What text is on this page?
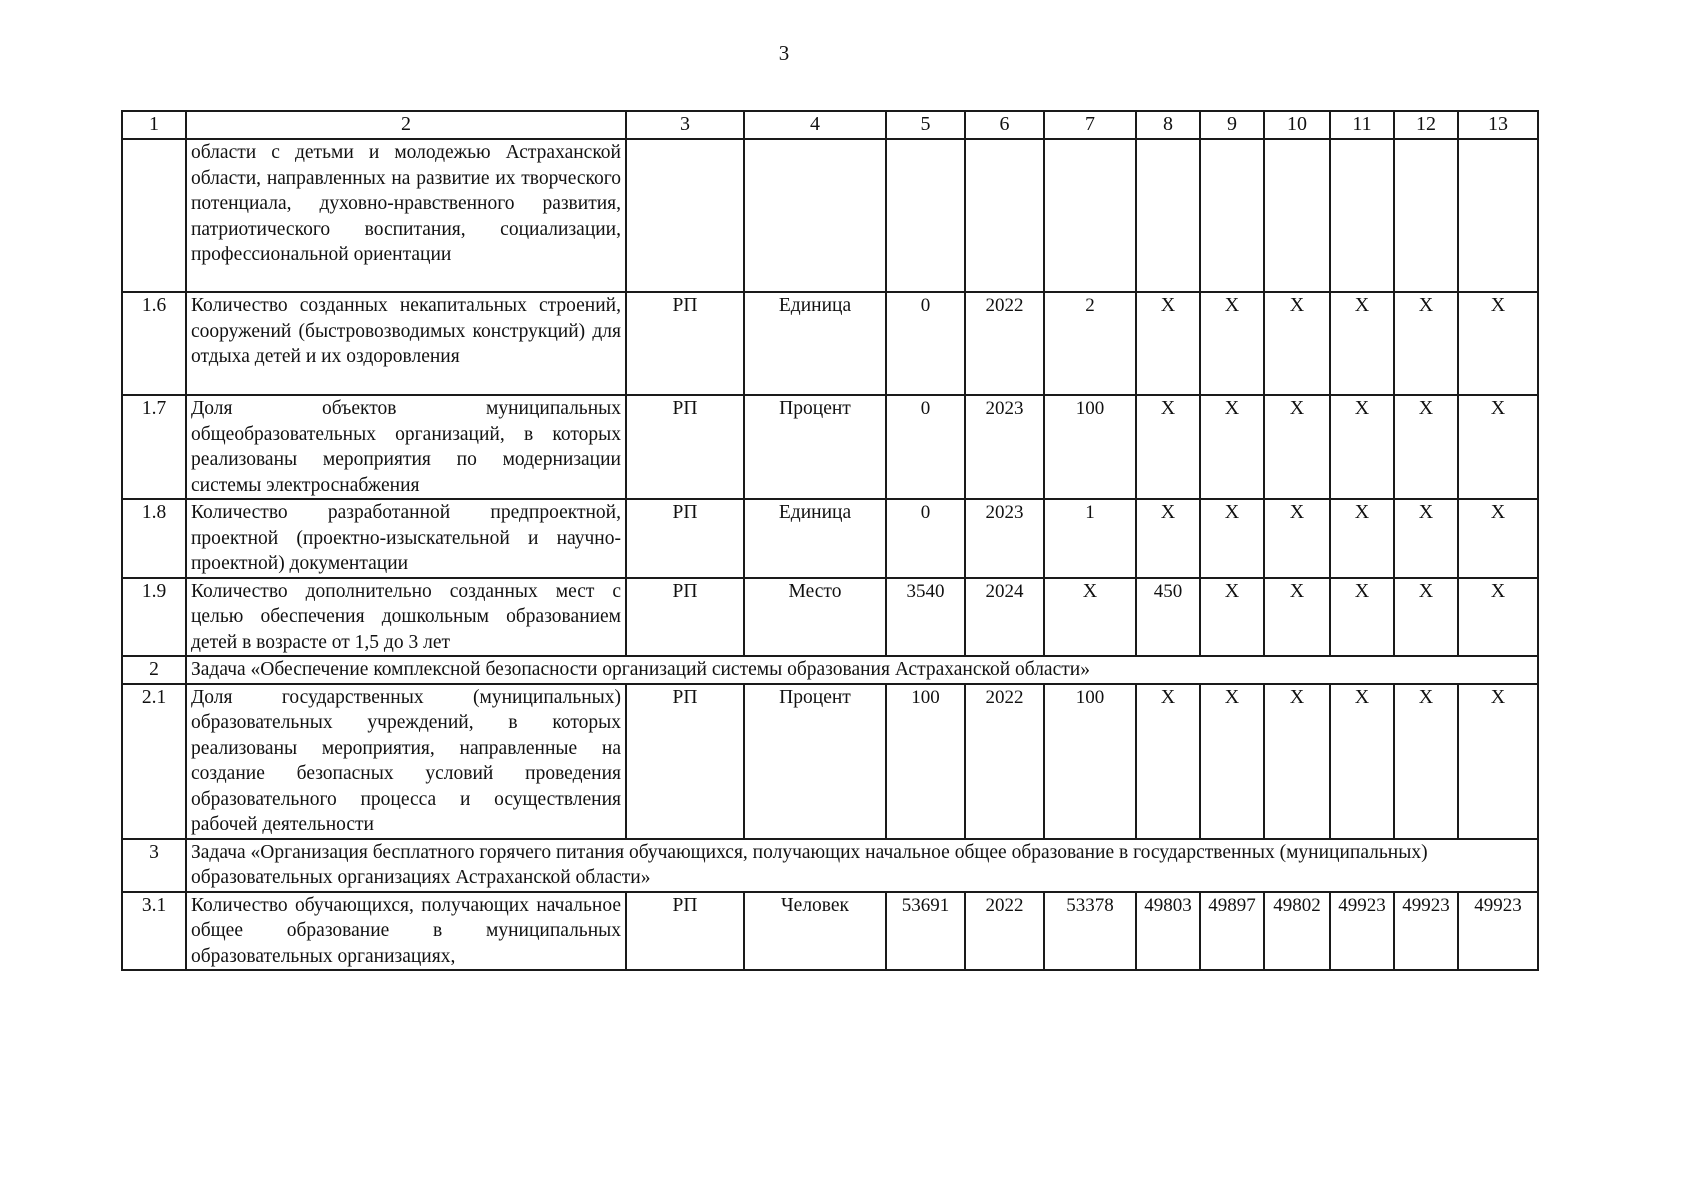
3
1	2	3	4	5	6	7	8	9	10	11	12	13
	области с детьми и молодежью Астраханской области, направленных на развитие их творческого потенциала, духовно-нравственного развития, патриотического воспитания, социализации, профессиональной ориентации											
1.6	Количество созданных некапитальных строений, сооружений (быстровозводимых конструкций) для отдыха детей и их оздоровления	РП	Единица	0	2022	2	X	X	X	X	X	X
1.7	Доля объектов муниципальных общеобразовательных организаций, в которых реализованы мероприятия по модернизации системы электроснабжения	РП	Процент	0	2023	100	X	X	X	X	X	X
1.8	Количество разработанной предпроектной, проектной (проектно-изыскательной и научно-проектной) документации	РП	Единица	0	2023	1	X	X	X	X	X	X
1.9	Количество дополнительно созданных мест с целью обеспечения дошкольным образованием детей в возрасте от 1,5 до 3 лет	РП	Место	3540	2024	X	450	X	X	X	X	X
2	Задача «Обеспечение комплексной безопасности организаций системы образования Астраханской области»											
2.1	Доля государственных (муниципальных) образовательных учреждений, в которых реализованы мероприятия, направленные на создание безопасных условий проведения образовательного процесса и осуществления рабочей деятельности	РП	Процент	100	2022	100	X	X	X	X	X	X
3	Задача «Организация бесплатного горячего питания обучающихся, получающих начальное общее образование в государственных (муниципальных) образовательных организациях Астраханской области»											
3.1	Количество обучающихся, получающих начальное общее образование в муниципальных образовательных организациях,	РП	Человек	53691	2022	53378	49803	49897	49802	49923	49923	49923
